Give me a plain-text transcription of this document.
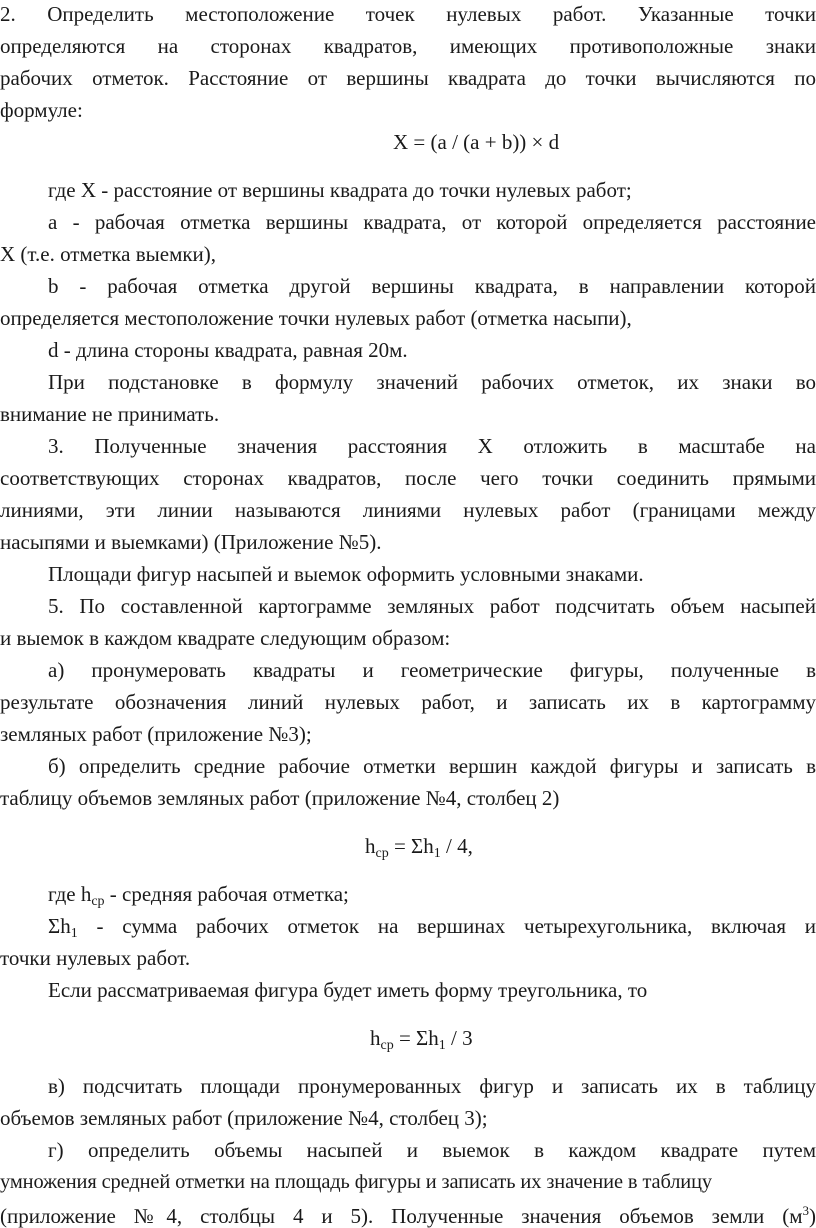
2. Определить местоположение точек нулевых работ. Указанные точки
определяются на сторонах квадратов, имеющих противоположные знаки
рабочих отметок. Расстояние от вершины квадрата до точки вычисляются по
формуле:
X = (a / (a + b)) × d
где X - расстояние от вершины квадрата до точки нулевых работ;
a - рабочая отметка вершины квадрата, от которой определяется расстояние
X (т.е. отметка выемки),
b - рабочая отметка другой вершины квадрата, в направлении которой
определяется местоположение точки нулевых работ (отметка насыпи),
d - длина стороны квадрата, равная 20м.
При подстановке в формулу значений рабочих отметок, их знаки во
внимание не принимать.
3. Полученные значения расстояния X отложить в масштабе на
соответствующих сторонах квадратов, после чего точки соединить прямыми
линиями, эти линии называются линиями нулевых работ (границами между
насыпями и выемками) (Приложение №5).
Площади фигур насыпей и выемок оформить условными знаками.
5. По составленной картограмме земляных работ подсчитать объем насыпей
и выемок в каждом квадрате следующим образом:
а) пронумеровать квадраты и геометрические фигуры, полученные в
результате обозначения линий нулевых работ, и записать их в картограмму
земляных работ (приложение №3);
б) определить средние рабочие отметки вершин каждой фигуры и записать в
таблицу объемов земляных работ (приложение №4, столбец 2)
$h_{ср} = \Sigma h_1 / 4$,
где $h_{ср}$ - средняя рабочая отметка;
$\Sigma h_1$ - сумма рабочих отметок на вершинах четырехугольника, включая и
точки нулевых работ.
Если рассматриваемая фигура будет иметь форму треугольника, то
$h_{ср} = \Sigma h_1 / 3$
в) подсчитать площади пронумерованных фигур и записать их в таблицу
объемов земляных работ (приложение №4, столбец 3);
г) определить объемы насыпей и выемок в каждом квадрате путем
умножения средней отметки на площадь фигуры и записать их значение в таблицу
(приложение №4, столбцы 4 и 5). Полученные значения объемов земли $(м^3)$
